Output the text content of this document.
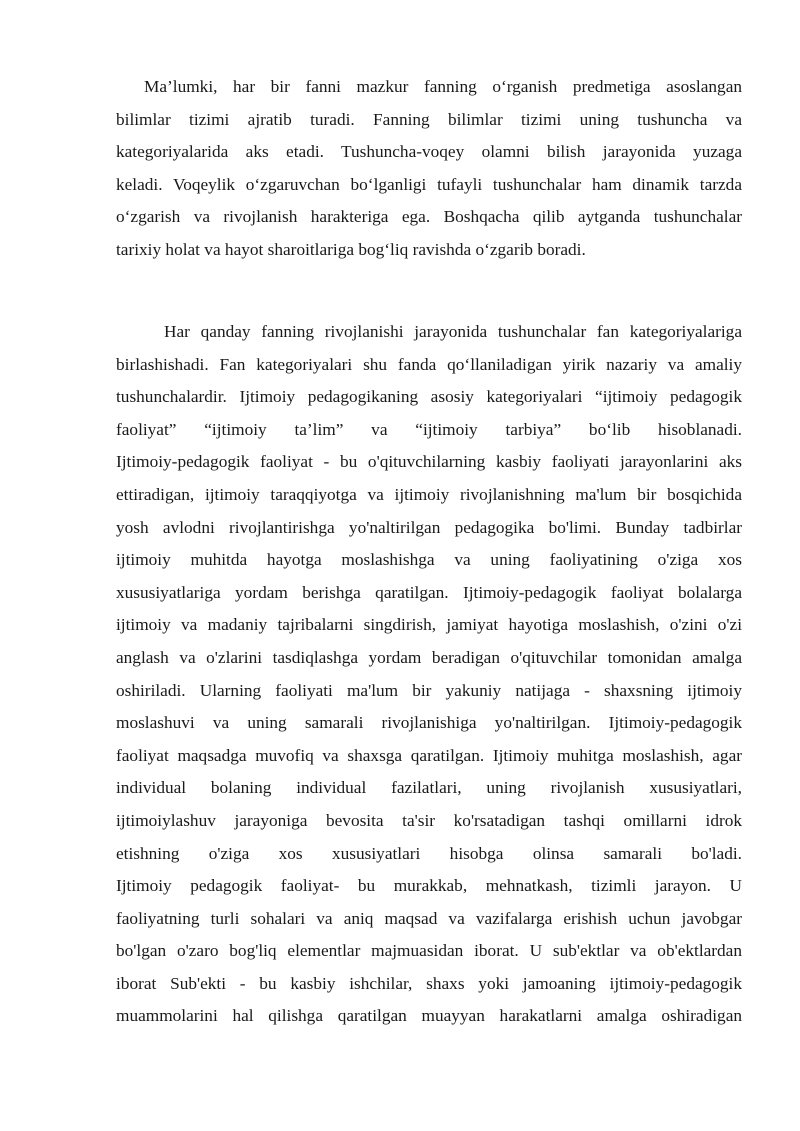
Ma’lumki, har bir fanni mazkur fanning o‘rganish predmetiga asoslangan
bilimlar tizimi ajratib turadi. Fanning bilimlar tizimi uning tushuncha va
kategoriyalarida aks etadi. Tushuncha-voqey olamni bilish jarayonida yuzaga
keladi. Voqeylik o‘zgaruvchan bo‘lganligi tufayli tushunchalar ham dinamik tarzda
o‘zgarish va rivojlanish harakteriga ega. Boshqacha qilib aytganda tushunchalar
tarixiy holat va hayot sharoitlariga bog‘liq ravishda o‘zgarib boradi.
Har qanday fanning rivojlanishi jarayonida tushunchalar fan kategoriyalariga
birlashishadi. Fan kategoriyalari shu fanda qo‘llaniladigan yirik nazariy va amaliy
tushunchalardir. Ijtimoiy pedagogikaning asosiy kategoriyalari “ijtimoiy pedagogik
faoliyat” “ijtimoiy ta’lim” va “ijtimoiy tarbiya” bo‘lib hisoblanadi.
Ijtimoiy-pedagogik faoliyat - bu o'qituvchilarning kasbiy faoliyati jarayonlarini aks
ettiradigan, ijtimoiy taraqqiyotga va ijtimoiy rivojlanishning ma'lum bir bosqichida
yosh avlodni rivojlantirishga yo'naltirilgan pedagogika bo'limi. Bunday tadbirlar
ijtimoiy muhitda hayotga moslashishga va uning faoliyatining o'ziga xos
xususiyatlariga yordam berishga qaratilgan. Ijtimoiy-pedagogik faoliyat bolalarga
ijtimoiy va madaniy tajribalarni singdirish, jamiyat hayotiga moslashish, o'zini o'zi
anglash va o'zlarini tasdiqlashga yordam beradigan o'qituvchilar tomonidan amalga
oshiriladi. Ularning faoliyati ma'lum bir yakuniy natijaga - shaxsning ijtimoiy
moslashuvi va uning samarali rivojlanishiga yo'naltirilgan. Ijtimoiy-pedagogik
faoliyat maqsadga muvofiq va shaxsga qaratilgan. Ijtimoiy muhitga moslashish, agar
individual bolaning individual fazilatlari, uning rivojlanish xususiyatlari,
ijtimoiylashuv jarayoniga bevosita ta'sir ko'rsatadigan tashqi omillarni idrok
etishning o'ziga xos xususiyatlari hisobga olinsa samarali bo'ladi.
Ijtimoiy pedagogik faoliyat- bu murakkab, mehnatkash, tizimli jarayon. U
faoliyatning turli sohalari va aniq maqsad va vazifalarga erishish uchun javobgar
bo'lgan o'zaro bog'liq elementlar majmuasidan iborat. U sub'ektlar va ob'ektlardan
iborat Sub'ekti - bu kasbiy ishchilar, shaxs yoki jamoaning ijtimoiy-pedagogik
muammolarini hal qilishga qaratilgan muayyan harakatlarni amalga oshiradigan
